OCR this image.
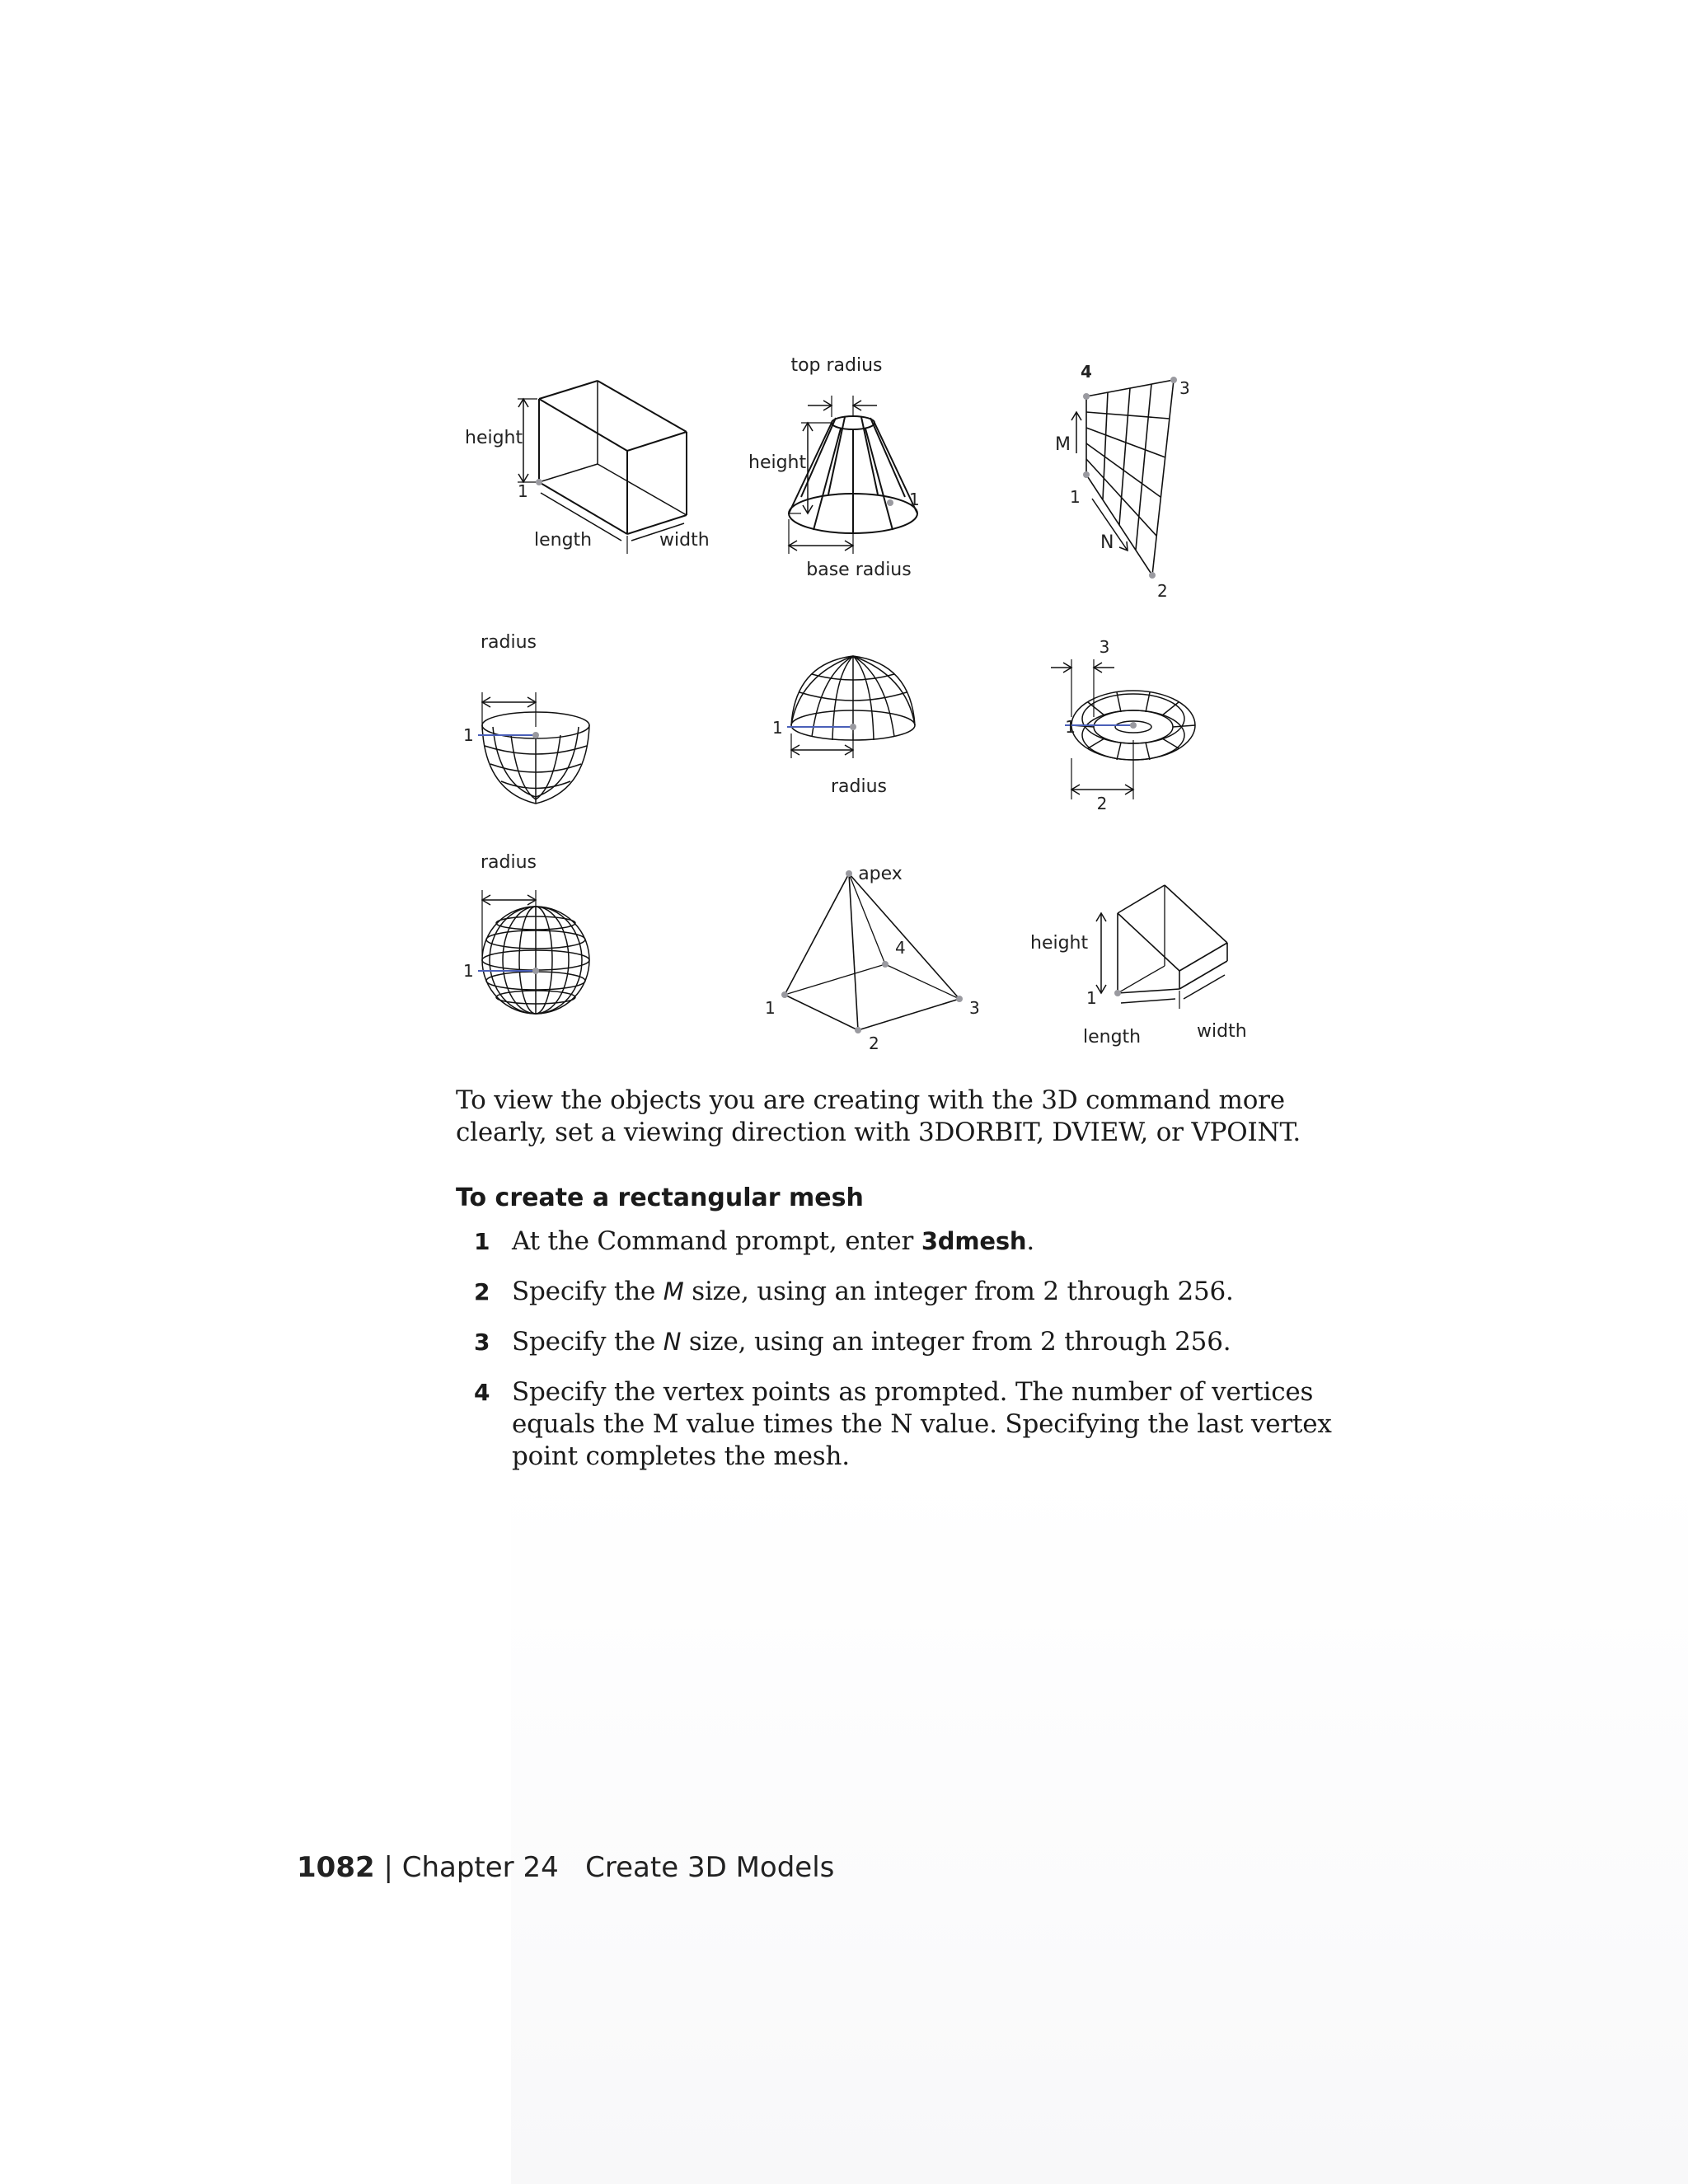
height
1
length	width
top radius
height
1
base radius
4
3
M
1
N
2
radius
1	1
radius
3
1
2
radius
1
apex
4
1	3
2
height
1
length	width

To view the objects you are creating with the 3D command more clearly, set a viewing direction with 3DORBIT, DVIEW, or VPOINT.

To create a rectangular mesh
1 At the Command prompt, enter 3dmesh.
2 Specify the M size, using an integer from 2 through 256.
3 Specify the N size, using an integer from 2 through 256.
4 Specify the vertex points as prompted. The number of vertices equals the M value times the N value. Specifying the last vertex point completes the mesh.
1082 | Chapter 24 Create 3D Models
